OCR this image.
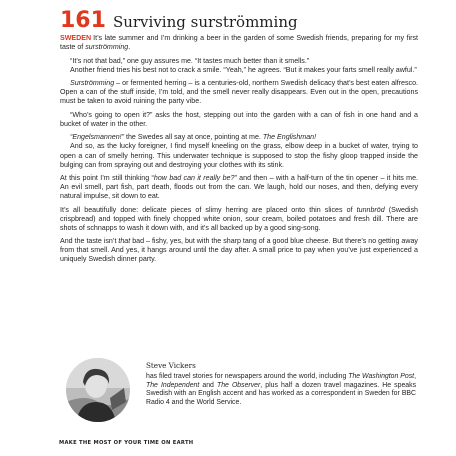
161 Surviving surströmming

SWEDEN It’s late summer and I’m drinking a beer in the garden of some Swedish friends, preparing for my first taste of surströmming.

“It’s not that bad,” one guy assures me. “It tastes much better than it smells.”

Another friend tries his best not to crack a smile. “Yeah,” he agrees. “But it makes your farts smell really awful.”

Surströmming – or fermented herring – is a centuries-old, northern Swedish delicacy that’s best eaten alfresco. Open a can of the stuff inside, I’m told, and the smell never really disappears. Even out in the open, precautions must be taken to avoid ruining the party vibe.

“Who’s going to open it?” asks the host, stepping out into the garden with a can of fish in one hand and a bucket of water in the other.

“Engelsmannen!” the Swedes all say at once, pointing at me. The Englishman!

And so, as the lucky foreigner, I find myself kneeling on the grass, elbow deep in a bucket of water, trying to open a can of smelly herring. This underwater technique is supposed to stop the fishy gloop trapped inside the bulging can from spraying out and destroying your clothes with its stink.

At this point I’m still thinking “how bad can it really be?” and then – with a half-turn of the tin opener – it hits me. An evil smell, part fish, part death, floods out from the can. We laugh, hold our noses, and then, defying every natural impulse, sit down to eat.

It’s all beautifully done: delicate pieces of slimy herring are placed onto thin slices of tunnbröd (Swedish crispbread) and topped with finely chopped white onion, sour cream, boiled potatoes and fresh dill. There are shots of schnapps to wash it down with, and it’s all backed up by a good sing-song.

And the taste isn’t that bad – fishy, yes, but with the sharp tang of a good blue cheese. But there’s no getting away from that smell. And yes, it hangs around until the day after. A small price to pay when you’ve just experienced a uniquely Swedish dinner party.

Steve Vickers

has filed travel stories for newspapers around the world, including The Washington Post, The Independent and The Observer, plus half a dozen travel magazines. He speaks Swedish with an English accent and has worked as a correspondent in Sweden for BBC Radio 4 and the World Service.

MAKE THE MOST OF YOUR TIME ON EARTH
